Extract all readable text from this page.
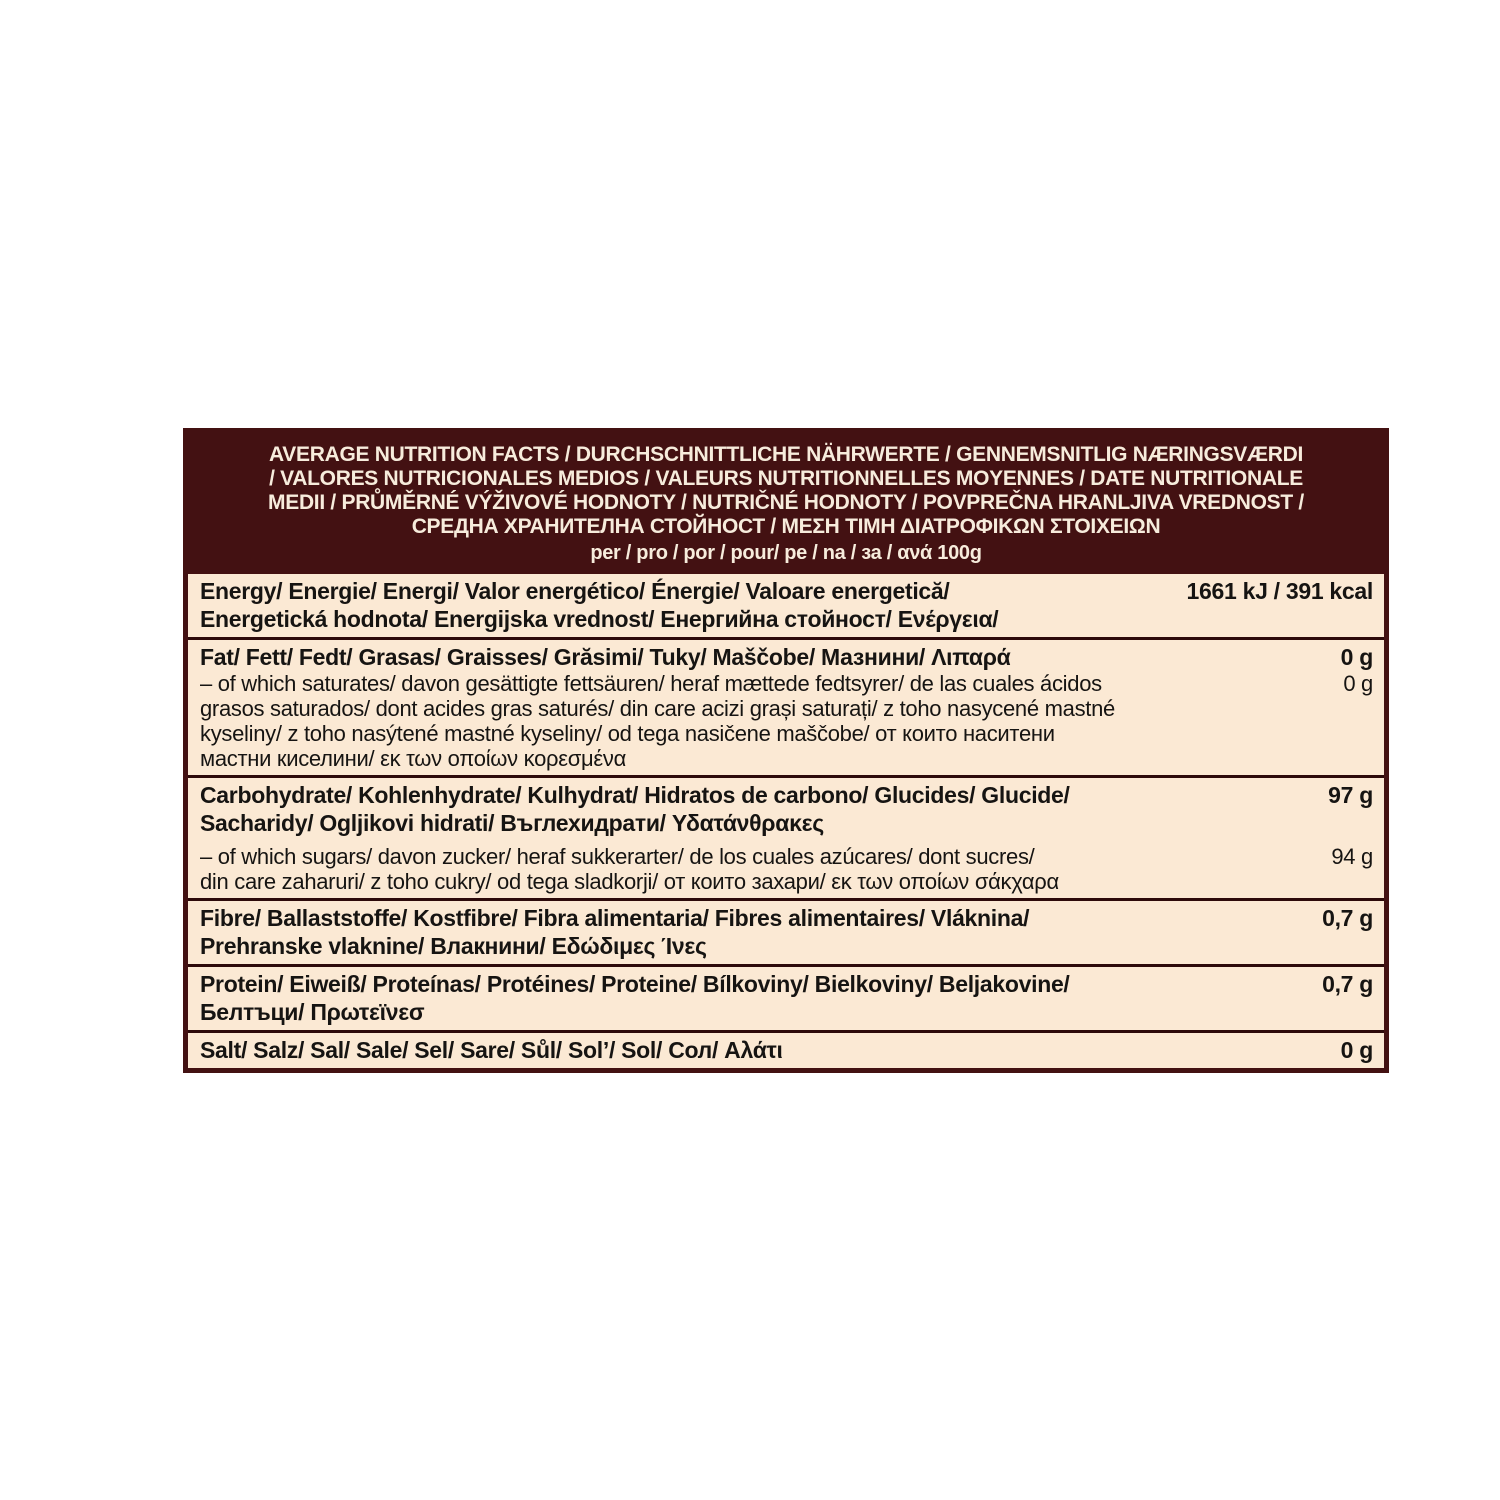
AVERAGE NUTRITION FACTS / DURCHSCHNITTLICHE NÄHRWERTE / GENNEMSNITLIG NÆRINGSVÆRDI
/ VALORES NUTRICIONALES MEDIOS / VALEURS NUTRITIONNELLES MOYENNES / DATE NUTRITIONALE
MEDII / PRŮMĚRNÉ VÝŽIVOVÉ HODNOTY / NUTRIČNÉ HODNOTY / POVPREČNA HRANLJIVA VREDNOST /
СРЕДНА ХРАНИТЕЛНА СТОЙНОСТ / ΜΕΣΗ ΤΙΜΗ ΔΙΑΤΡΟΦΙΚΩΝ ΣΤΟΙΧΕΙΩΝ
per / pro / por / pour/ pe / na / за / ανά 100g
Energy/ Energie/ Energi/ Valor energético/ Énergie/ Valoare energetică/	1661 kJ / 391 kcal
Energetická hodnota/ Energijska vrednost/ Енергийна стойност/ Ενέργεια/
Fat/ Fett/ Fedt/ Grasas/ Graisses/ Grăsimi/ Tuky/ Maščobe/ Мазнини/ Λιπαρά	0 g
– of which saturates/ davon gesättigte fettsäuren/ heraf mættede fedtsyrer/ de las cuales ácidos	0 g
grasos saturados/ dont acides gras saturés/ din care acizi grași saturați/ z toho nasycené mastné
kyseliny/ z toho nasýtené mastné kyseliny/ od tega nasičene maščobe/ от които наситени
мастни киселини/ εκ των οποίων κορεσμένα
Carbohydrate/ Kohlenhydrate/ Kulhydrat/ Hidratos de carbono/ Glucides/ Glucide/	97 g
Sacharidy/ Ogljikovi hidrati/ Въглехидрати/ Υδατάνθρακες
– of which sugars/ davon zucker/ heraf sukkerarter/ de los cuales azúcares/ dont sucres/	94 g
din care zaharuri/ z toho cukry/ od tega sladkorji/ от които захари/ εκ των οποίων σάκχαρα
Fibre/ Ballaststoffe/ Kostfibre/ Fibra alimentaria/ Fibres alimentaires/ Vláknina/	0,7 g
Prehranske vlaknine/ Влакнини/ Εδώδιμες Ίνες
Protein/ Eiweiß/ Proteínas/ Protéines/ Proteine/ Bílkoviny/ Bielkoviny/ Beljakovine/	0,7 g
Белтъци/ Πρωτεϊνεσ
Salt/ Salz/ Sal/ Sale/ Sel/ Sare/ Sůl/ Sol’/ Sol/ Сол/ Αλάτι	0 g
